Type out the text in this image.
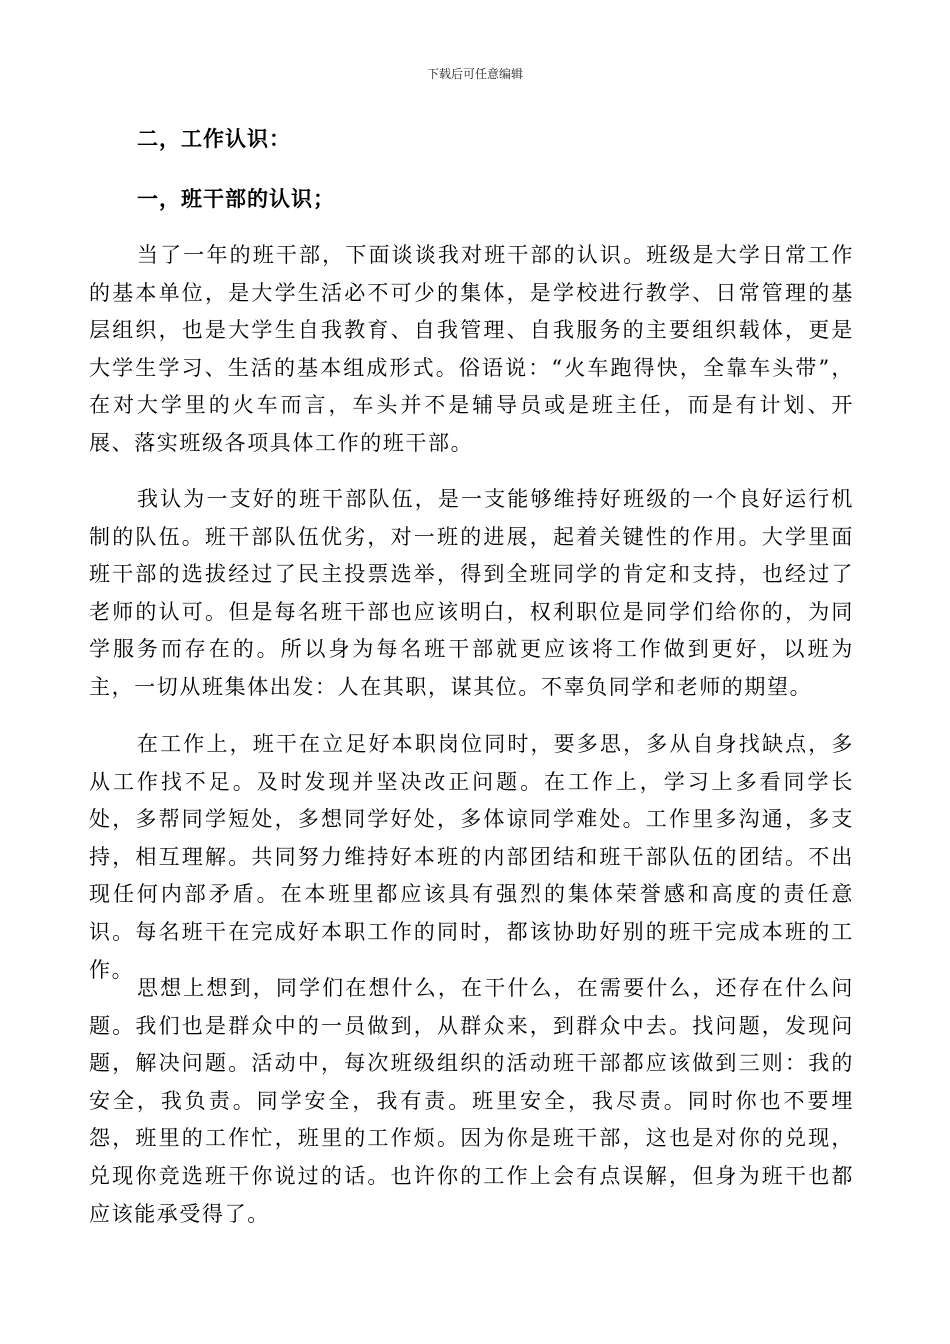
下载后可任意编辑
二，工作认识：
一，班干部的认识；

当了一年的班干部，下面谈谈我对班干部的认识。班级是大学日常工作的基本单位，是大学生活必不可少的集体，是学校进行教学、日常管理的基层组织，也是大学生自我教育、自我管理、自我服务的主要组织载体，更是大学生学习、生活的基本组成形式。俗语说：“火车跑得快，全靠车头带”，在对大学里的火车而言，车头并不是辅导员或是班主任，而是有计划、开展、落实班级各项具体工作的班干部。

我认为一支好的班干部队伍，是一支能够维持好班级的一个良好运行机制的队伍。班干部队伍优劣，对一班的进展，起着关键性的作用。大学里面班干部的选拔经过了民主投票选举，得到全班同学的肯定和支持，也经过了老师的认可。但是每名班干部也应该明白，权利职位是同学们给你的，为同学服务而存在的。所以身为每名班干部就更应该将工作做到更好，以班为主，一切从班集体出发：人在其职，谋其位。不辜负同学和老师的期望。

在工作上，班干在立足好本职岗位同时，要多思，多从自身找缺点，多从工作找不足。及时发现并坚决改正问题。在工作上，学习上多看同学长处，多帮同学短处，多想同学好处，多体谅同学难处。工作里多沟通，多支持，相互理解。共同努力维持好本班的内部团结和班干部队伍的团结。不出现任何内部矛盾。在本班里都应该具有强烈的集体荣誉感和高度的责任意识。每名班干在完成好本职工作的同时，都该协助好别的班干完成本班的工作。

思想上想到，同学们在想什么，在干什么，在需要什么，还存在什么问题。我们也是群众中的一员做到，从群众来，到群众中去。找问题，发现问题，解决问题。活动中，每次班级组织的活动班干部都应该做到三则：我的安全，我负责。同学安全，我有责。班里安全，我尽责。同时你也不要埋怨，班里的工作忙，班里的工作烦。因为你是班干部，这也是对你的兑现，兑现你竞选班干你说过的话。也许你的工作上会有点误解，但身为班干也都应该能承受得了。
